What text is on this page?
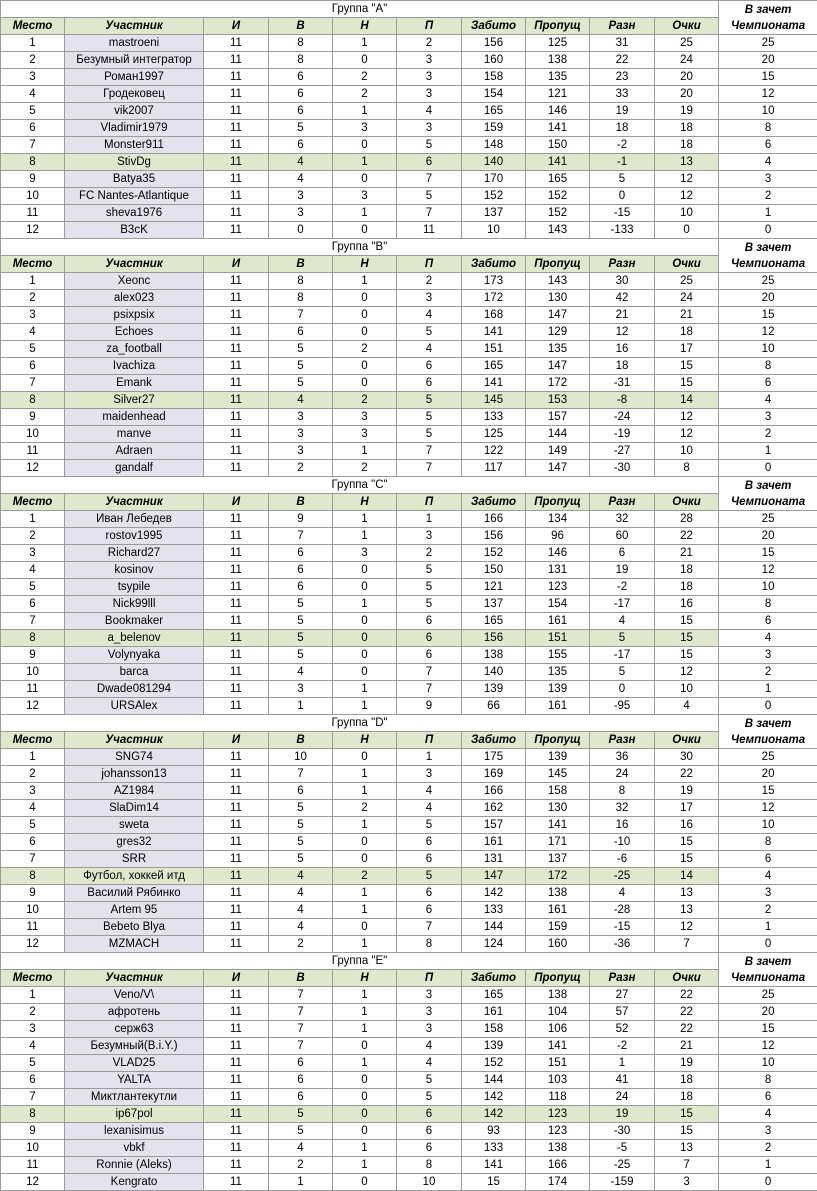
Группа "A"										В зачет
Чемпионата

Место	Участник	И	В	Н	П	Забито	Пропущ	Разн	Очки	
1	mastroeni	11	8	1	2	156	125	31	25	25
2	Безумный интегратор	11	8	0	3	160	138	22	24	20
3	Роман1997	11	6	2	3	158	135	23	20	15
4	Гродековец	11	6	2	3	154	121	33	20	12
5	vik2007	11	6	1	4	165	146	19	19	10
6	Vladimir1979	11	5	3	3	159	141	18	18	8
7	Monster911	11	6	0	5	148	150	-2	18	6
8	StivDg	11	4	1	6	140	141	-1	13	4
9	Batya35	11	4	0	7	170	165	5	12	3
10	FC Nantes-Atlantique	11	3	3	5	152	152	0	12	2
11	sheva1976	11	3	1	7	137	152	-15	10	1
12	B3cK	11	0	0	11	10	143	-133	0	0
Группа "B"										В зачет
Чемпионата

Место	Участник	И	В	Н	П	Забито	Пропущ	Разн	Очки	
1	Xeonc	11	8	1	2	173	143	30	25	25
2	alex023	11	8	0	3	172	130	42	24	20
3	psixpsix	11	7	0	4	168	147	21	21	15
4	Echoes	11	6	0	5	141	129	12	18	12
5	za_football	11	5	2	4	151	135	16	17	10
6	Ivachiza	11	5	0	6	165	147	18	15	8
7	Emank	11	5	0	6	141	172	-31	15	6
8	Silver27	11	4	2	5	145	153	-8	14	4
9	maidenhead	11	3	3	5	133	157	-24	12	3
10	manve	11	3	3	5	125	144	-19	12	2
11	Adraen	11	3	1	7	122	149	-27	10	1
12	gandalf	11	2	2	7	117	147	-30	8	0
Группа "C"										В зачет
Чемпионата

Место	Участник	И	В	Н	П	Забито	Пропущ	Разн	Очки	
1	Иван Лебедев	11	9	1	1	166	134	32	28	25
2	rostov1995	11	7	1	3	156	96	60	22	20
3	Richard27	11	6	3	2	152	146	6	21	15
4	kosinov	11	6	0	5	150	131	19	18	12
5	tsypile	11	6	0	5	121	123	-2	18	10
6	Nick99lll	11	5	1	5	137	154	-17	16	8
7	Bookmaker	11	5	0	6	165	161	4	15	6
8	a_belenov	11	5	0	6	156	151	5	15	4
9	Volynyaka	11	5	0	6	138	155	-17	15	3
10	barca	11	4	0	7	140	135	5	12	2
11	Dwade081294	11	3	1	7	139	139	0	10	1
12	URSAlex	11	1	1	9	66	161	-95	4	0
Группа "D"										В зачет
Чемпионата

Место	Участник	И	В	Н	П	Забито	Пропущ	Разн	Очки	
1	SNG74	11	10	0	1	175	139	36	30	25
2	johansson13	11	7	1	3	169	145	24	22	20
3	AZ1984	11	6	1	4	166	158	8	19	15
4	SlaDim14	11	5	2	4	162	130	32	17	12
5	sweta	11	5	1	5	157	141	16	16	10
6	gres32	11	5	0	6	161	171	-10	15	8
7	SRR	11	5	0	6	131	137	-6	15	6
8	Футбол, хоккей итд	11	4	2	5	147	172	-25	14	4
9	Василий Рябинко	11	4	1	6	142	138	4	13	3
10	Artem 95	11	4	1	6	133	161	-28	13	2
11	Bebeto Blya	11	4	0	7	144	159	-15	12	1
12	MZMACH	11	2	1	8	124	160	-36	7	0
Группа "E"										В зачет
Чемпионата

Место	Участник	И	В	Н	П	Забито	Пропущ	Разн	Очки	
1	Veno/V\	11	7	1	3	165	138	27	22	25
2	афротень	11	7	1	3	161	104	57	22	20
3	серж63	11	7	1	3	158	106	52	22	15
4	Безумный(B.i.Y.)	11	7	0	4	139	141	-2	21	12
5	VLAD25	11	6	1	4	152	151	1	19	10
6	YALTA	11	6	0	5	144	103	41	18	8
7	Миктлантекутли	11	6	0	5	142	118	24	18	6
8	ip67pol	11	5	0	6	142	123	19	15	4
9	lexanisimus	11	5	0	6	93	123	-30	15	3
10	vbkf	11	4	1	6	133	138	-5	13	2
11	Ronnie (Aleks)	11	2	1	8	141	166	-25	7	1
12	Kengrato	11	1	0	10	15	174	-159	3	0
